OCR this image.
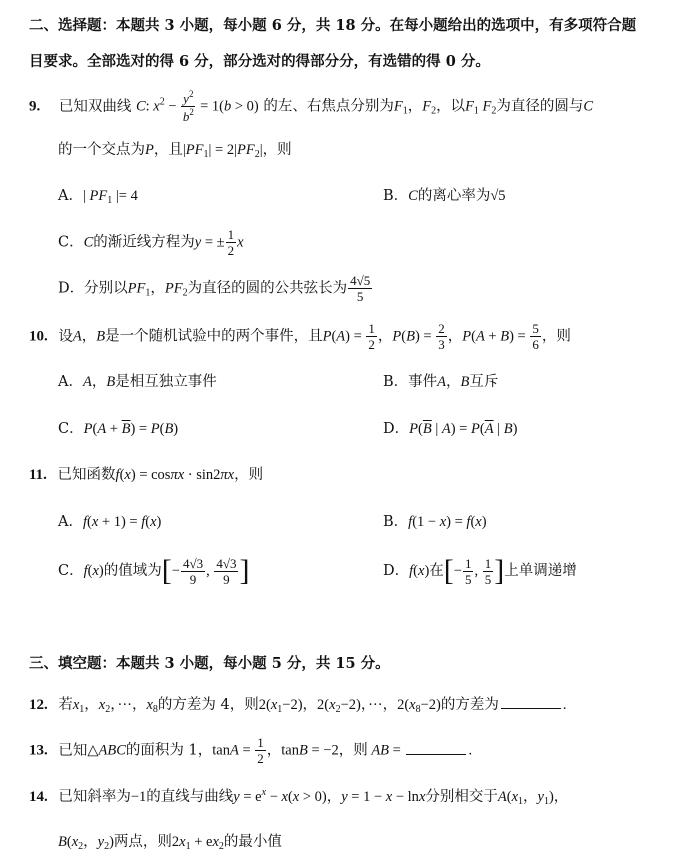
二、选择题：本题共 3 小题，每小题 6 分，共 18 分。在每小题给出的选项中，有多项符合题
目要求。全部选对的得 6 分，部分选对的得部分分，有选错的得 0 分。
9. 已知双曲线 C: $x^2 - \frac{y^2}{b^2} = 1(b > 0)$ 的左、右焦点分别为$F_1$，$F_2$，以$F_1$ $F_2$为直径的圆与C
的一个交点为P，且$|PF_1| = 2|PF_2|$，则
A．| $PF_1$ |= 4	B．C的离心率为√5
C．C的渐近线方程为y = ± $\frac{1}{2}$ x
D．分别以$PF_1$，$PF_2$为直径的圆的公共弦长为 $\frac{4√5}{5}$
10. 设A，B是一个随机试验中的两个事件，且$P(A) = \frac{1}{2}$ ，$P(B) = \frac{2}{3}$ ，$P(A + B) = \frac{5}{6}$ ，则
A．A，B是相互独立事件	B．事件A，B互斥
C．$P(A + \overline{B}) = P(B)$	D．$P(\overline{B}$ | $A) = P(\overline{A}$ | B)
11. 已知函数f(x) = cosπx · sin2πx，则
A．f(x + 1) = f(x)	B．f(1 − x) = f(x)
C．f(x)的值域为[− $\frac{4√3}{9}$ , $\frac{4√3}{9}$ ]	D．f(x)在[− $\frac{1}{5}$ , $\frac{1}{5}$ ]上单调递增
三、填空题：本题共 3 小题，每小题 5 分，共 15 分。
12. 若$x_1$，$x_2$，···，$x_8$的方差为 4，则$2(x_1-2)$，$2(x_2-2)$，···，$2(x_8-2)$的方差为	.
13. 已知△ABC的面积为 1，$\tan A = \frac{1}{2}$ ，tanB = −2，则 AB =	.
14. 已知斜率为−1的直线与曲线$y = e^x - x(x > 0)$，y = 1 − x − lnx分别相交于$A(x_1$，$y_1$)，
$B(x_2$，$y_2$)两点，则$2x_1 + ex_2$的最小值
